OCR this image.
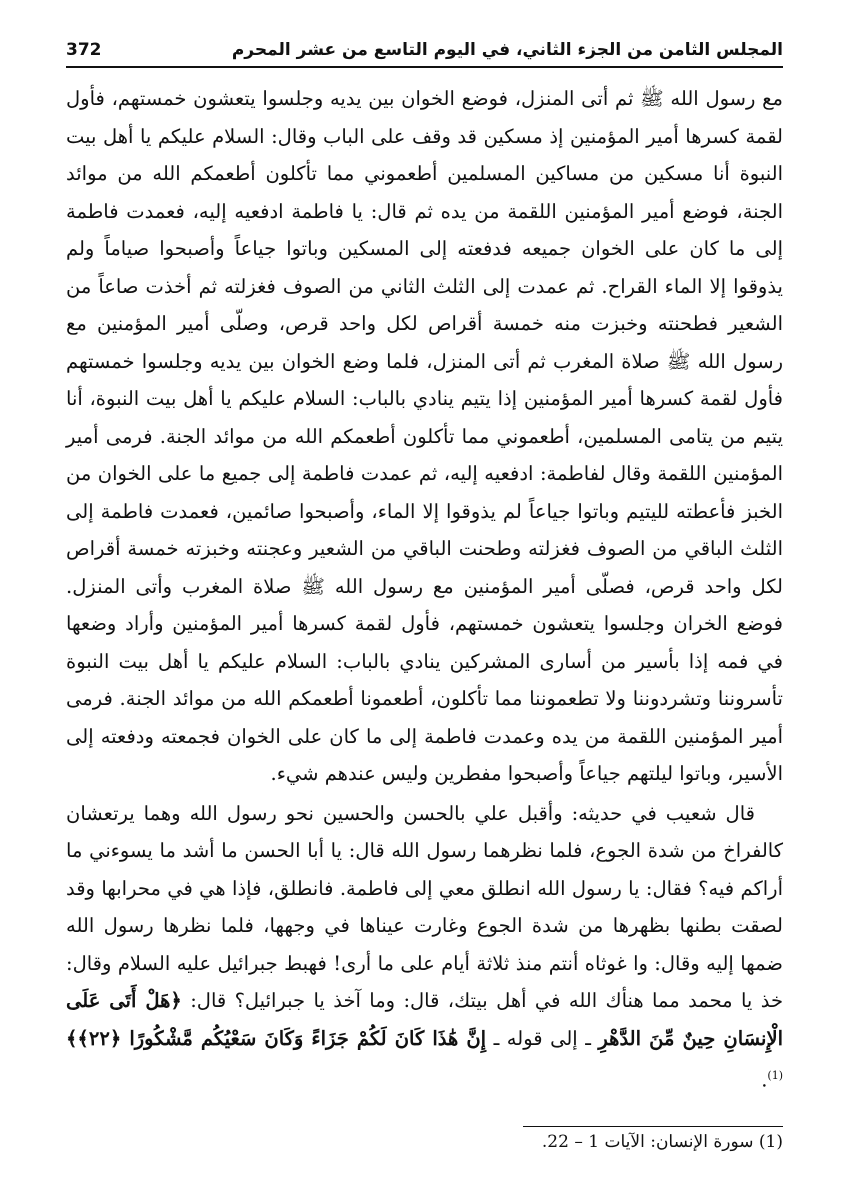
المجلس الثامن من الجزء الثاني، في اليوم التاسع من عشر المحرم
372

مع رسول الله ﷺ ثم أتى المنزل، فوضع الخوان بين يديه وجلسوا يتعشون خمستهم، فأول لقمة كسرها أمير المؤمنين إذ مسكين قد وقف على الباب وقال: السلام عليكم يا أهل بيت النبوة أنا مسكين من مساكين المسلمين أطعموني مما تأكلون أطعمكم الله من موائد الجنة، فوضع أمير المؤمنين اللقمة من يده ثم قال: يا فاطمة ادفعيه إليه، فعمدت فاطمة إلى ما كان على الخوان جميعه فدفعته إلى المسكين وباتوا جياعاً وأصبحوا صياماً ولم يذوقوا إلا الماء القراح. ثم عمدت إلى الثلث الثاني من الصوف فغزلته ثم أخذت صاعاً من الشعير فطحنته وخبزت منه خمسة أقراص لكل واحد قرص، وصلّى أمير المؤمنين مع رسول الله ﷺ صلاة المغرب ثم أتى المنزل، فلما وضع الخوان بين يديه وجلسوا خمستهم فأول لقمة كسرها أمير المؤمنين إذا يتيم ينادي بالباب: السلام عليكم يا أهل بيت النبوة، أنا يتيم من يتامى المسلمين، أطعموني مما تأكلون أطعمكم الله من موائد الجنة. فرمى أمير المؤمنين اللقمة وقال لفاطمة: ادفعيه إليه، ثم عمدت فاطمة إلى جميع ما على الخوان من الخبز فأعطته لليتيم وباتوا جياعاً لم يذوقوا إلا الماء، وأصبحوا صائمين، فعمدت فاطمة إلى الثلث الباقي من الصوف فغزلته وطحنت الباقي من الشعير وعجنته وخبزته خمسة أقراص لكل واحد قرص، فصلّى أمير المؤمنين مع رسول الله ﷺ صلاة المغرب وأتى المنزل. فوضع الخران وجلسوا يتعشون خمستهم، فأول لقمة كسرها أمير المؤمنين وأراد وضعها في فمه إذا بأسير من أسارى المشركين ينادي بالباب: السلام عليكم يا أهل بيت النبوة تأسروننا وتشردوننا ولا تطعموننا مما تأكلون، أطعمونا أطعمكم الله من موائد الجنة. فرمى أمير المؤمنين اللقمة من يده وعمدت فاطمة إلى ما كان على الخوان فجمعته ودفعته إلى الأسير، وباتوا ليلتهم جياعاً وأصبحوا مفطرين وليس عندهم شيء.

قال شعيب في حديثه: وأقبل علي بالحسن والحسين نحو رسول الله وهما يرتعشان كالفراخ من شدة الجوع، فلما نظرهما رسول الله قال: يا أبا الحسن ما أشد ما يسوءني ما أراكم فيه؟ فقال: يا رسول الله انطلق معي إلى فاطمة. فانطلق، فإذا هي في محرابها وقد لصقت بطنها بظهرها من شدة الجوع وغارت عيناها في وجهها، فلما نظرها رسول الله ضمها إليه وقال: وا غوثاه أنتم منذ ثلاثة أيام على ما أرى! فهبط جبرائيل عليه السلام وقال: خذ يا محمد مما هنأك الله في أهل بيتك، قال: وما آخذ يا جبرائيل؟ قال: ﴿هَلْ أَتَى عَلَى الْإِنسَانِ حِينٌ مِّنَ الدَّهْرِ ـ إلى قوله ـ إِنَّ هَٰذَا كَانَ لَكُمْ جَزَاءً وَكَانَ سَعْيُكُم مَّشْكُورًا ﴿٢٢﴾﴾$^{(1)}$.

(1) سورة الإنسان: الآيات 1 – 22.
